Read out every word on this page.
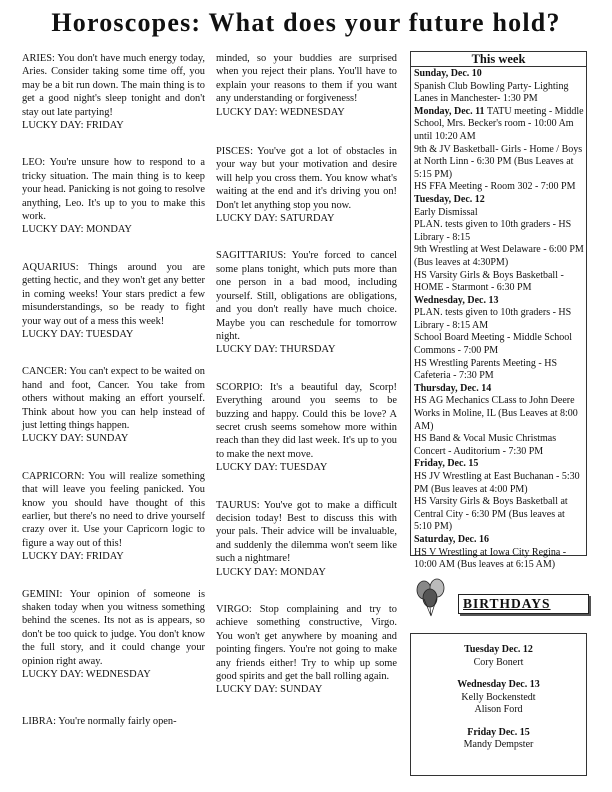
Horoscopes: What does your future hold?
ARIES: You don't have much energy today, Aries. Consider taking some time off, you may be a bit run down. The main thing is to get a good night's sleep tonight and don't stay out late partying!
LUCKY DAY: FRIDAY
LEO: You're unsure how to respond to a tricky situation. The main thing is to keep your head. Panicking is not going to resolve anything, Leo. It's up to you to make this work.
LUCKY DAY: MONDAY
AQUARIUS: Things around you are getting hectic, and they won't get any better in coming weeks! Your stars predict a few misunderstandings, so be ready to fight your way out of a mess this week!
LUCKY DAY: TUESDAY
CANCER: You can't expect to be waited on hand and foot, Cancer. You take from others without making an effort yourself. Think about how you can help instead of just letting things happen.
LUCKY DAY: SUNDAY
CAPRICORN: You will realize something that will leave you feeling panicked. You know you should have thought of this earlier, but there's no need to drive yourself crazy over it. Use your Capricorn logic to figure a way out of this!
LUCKY DAY: FRIDAY
GEMINI: Your opinion of someone is shaken today when you witness something behind the scenes. Its not as is appears, so don't be too quick to judge. You don't know the full story, and it could change your opinion right away.
LUCKY DAY: WEDNESDAY
LIBRA: You're normally fairly open-
minded, so your buddies are surprised when you reject their plans. You'll have to explain your reasons to them if you want any understanding or forgiveness!
LUCKY DAY: WEDNESDAY
PISCES: You've got a lot of obstacles in your way but your motivation and desire will help you cross them. You know what's waiting at the end and it's driving you on! Don't let anything stop you now.
LUCKY DAY: SATURDAY
SAGITTARIUS: You're forced to cancel some plans tonight, which puts more than one person in a bad mood, including yourself. Still, obligations are obligations, and you don't really have much choice. Maybe you can reschedule for tomorrow night.
LUCKY DAY: THURSDAY
SCORPIO: It's a beautiful day, Scorp! Everything around you seems to be buzzing and happy. Could this be love? A secret crush seems somehow more within reach than they did last week. It's up to you to make the next move.
LUCKY DAY: TUESDAY
TAURUS: You've got to make a difficult decision today! Best to discuss this with your pals. Their advice will be invaluable, and suddenly the dilemma won't seem like such a nightmare!
LUCKY DAY: MONDAY
VIRGO: Stop complaining and try to achieve something constructive, Virgo. You won't get anywhere by moaning and pointing fingers. You're not going to make any friends either! Try to whip up some good spirits and get the ball rolling again.
LUCKY DAY: SUNDAY
This week
Sunday, Dec. 10
Spanish Club Bowling Party- Lighting Lanes in Manchester- 1:30 PM
Monday, Dec. 11 TATU meeting - Middle School, Mrs. Becker's room - 10:00 Am until 10:20 AM
9th & JV Basketball- Girls - Home / Boys at North Linn - 6:30 PM (Bus Leaves at 5:15 PM)
HS FFA Meeting - Room 302 - 7:00 PM
Tuesday, Dec. 12
Early Dismissal
PLAN. tests given to 10th graders - HS Library - 8:15
9th Wrestling at West Delaware - 6:00 PM (Bus leaves at 4:30PM)
HS Varsity Girls & Boys Basketball - HOME - Starmont - 6:30 PM
Wednesday, Dec. 13
PLAN. tests given to 10th graders - HS Library - 8:15 AM
School Board Meeting - Middle School Commons - 7:00 PM
HS Wrestling Parents Meeting - HS Cafeteria - 7:30 PM
Thursday, Dec. 14
HS AG Mechanics CLass to John Deere Works in Moline, IL (Bus Leaves at 8:00 AM)
HS Band & Vocal Music Christmas Concert - Auditorium - 7:30 PM
Friday, Dec. 15
HS JV Wrestling at East Buchanan - 5:30 PM (Bus leaves at 4:00 PM)
HS Varsity Girls & Boys Basketball at Central City - 6:30 PM (Bus leaves at 5:10 PM)
Saturday, Dec. 16
HS V Wrestling at Iowa City Regina - 10:00 AM (Bus leaves at 6:15 AM)
BIRTHDAYS
Tuesday Dec. 12
Cory Bonert
Wednesday Dec. 13
Kelly Bockenstedt
Alison Ford
Friday Dec. 15
Mandy Dempster
